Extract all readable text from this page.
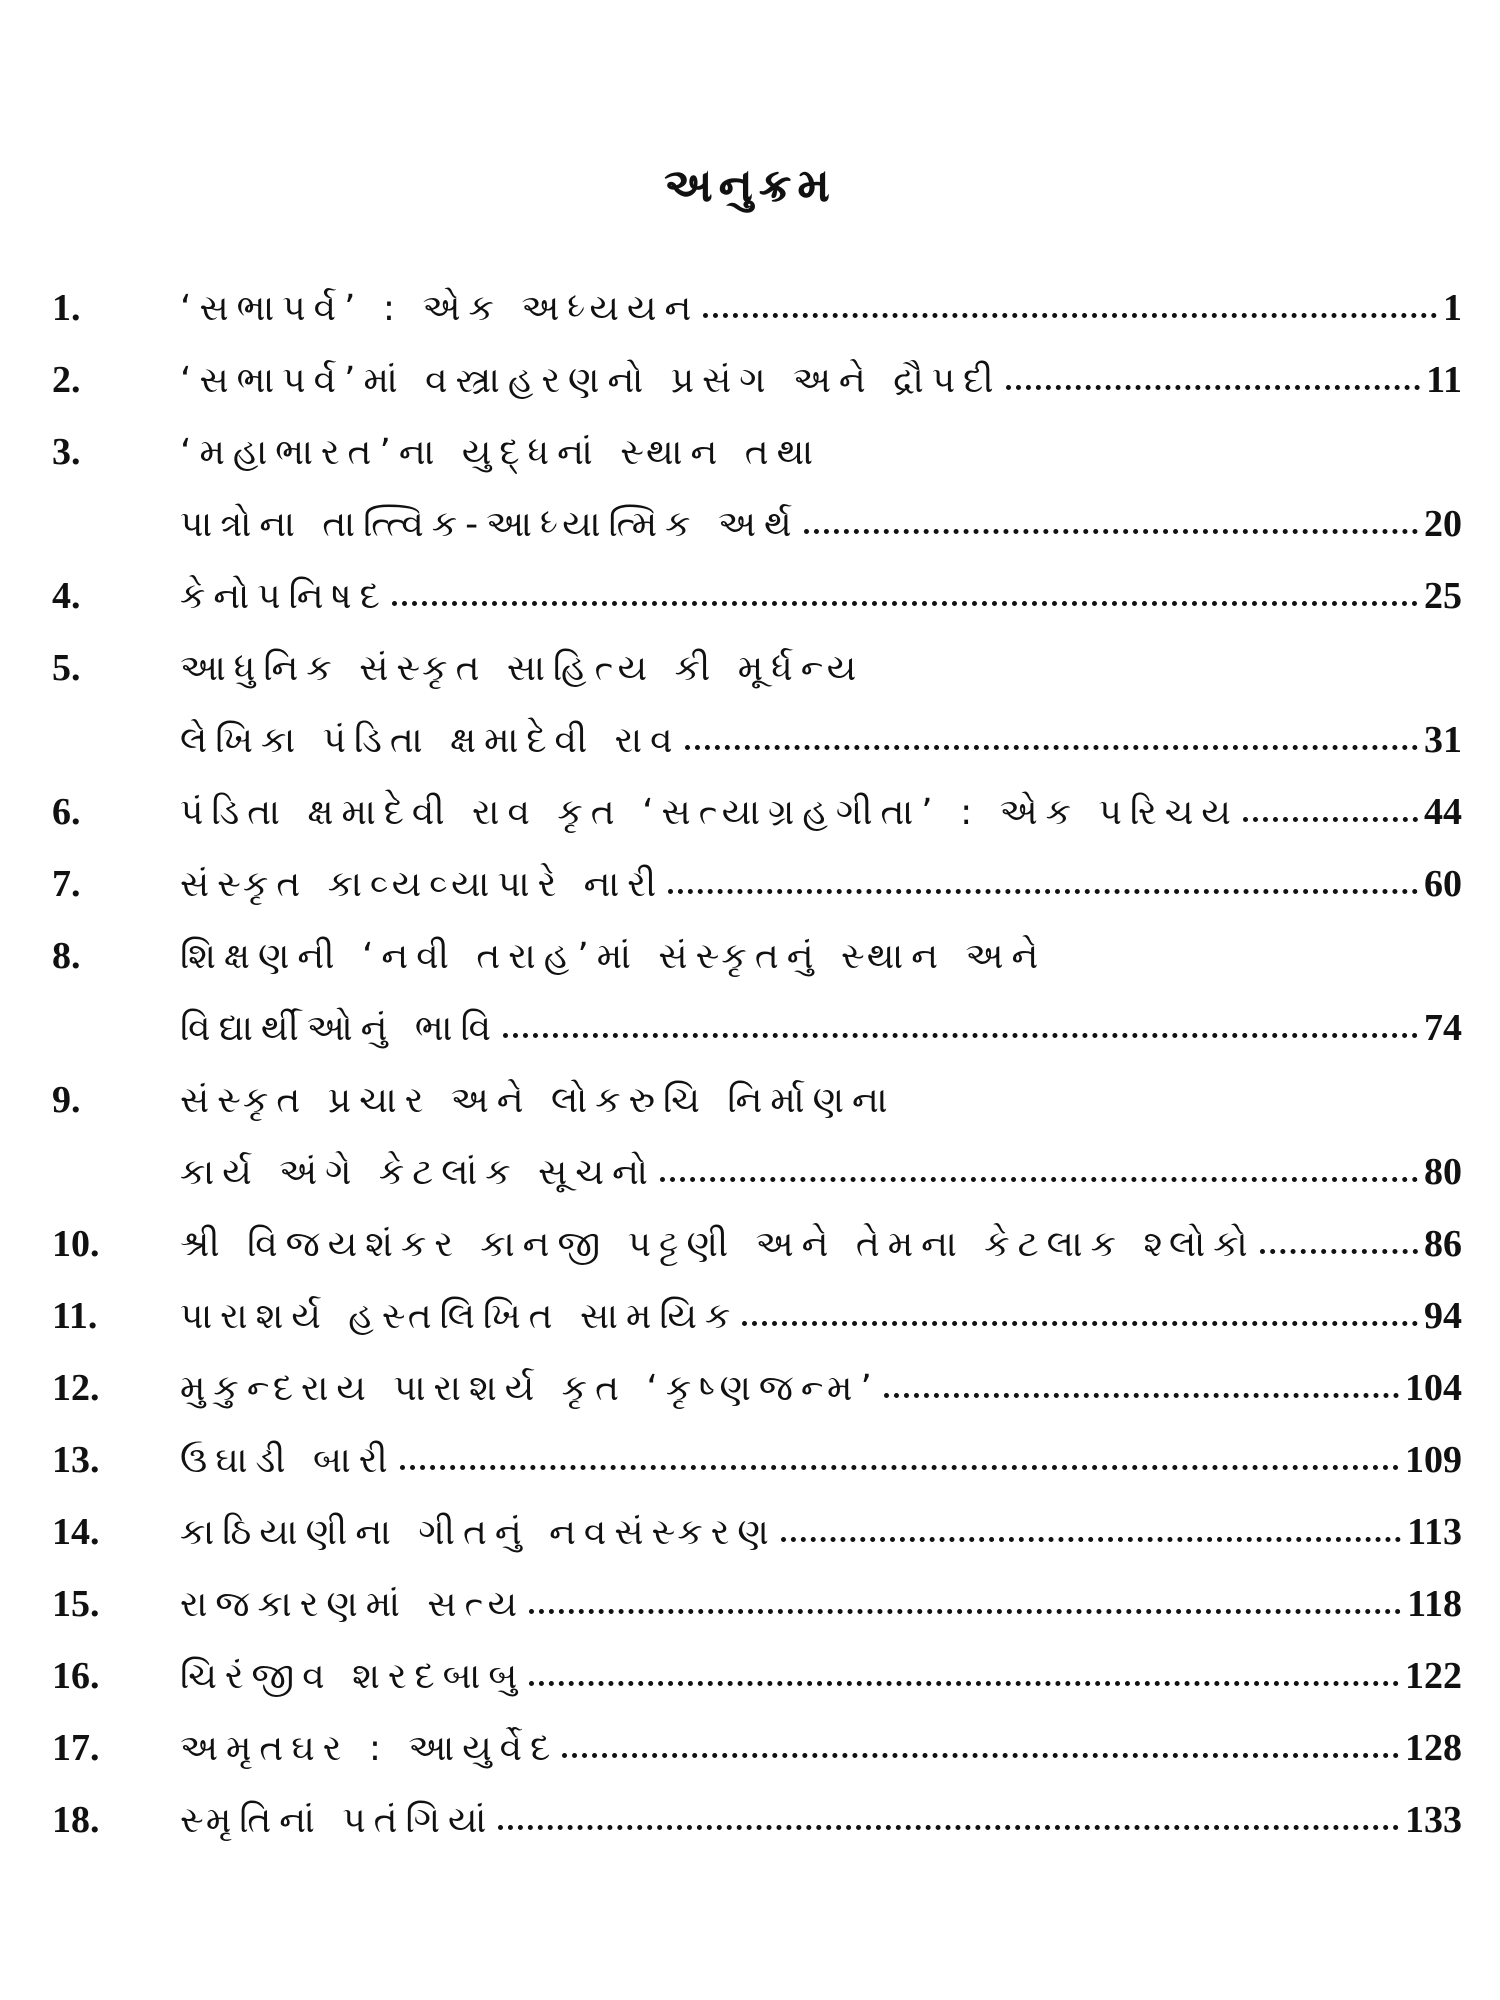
અનુક્રમ
1.	‘સભાપર્વ’ : એક અધ્યયન	1
2.	‘સભાપર્વ’માં વસ્ત્રાહરણનો પ્રસંગ અને દ્રૌપદી	11
3.	‘મહાભારત’ના યુદ્ધનાં સ્થાન તથા
પાત્રોના તાત્ત્વિક-આધ્યાત્મિક અર્થ	20
4.	કેનોપનિષદ	25
5.	આધુનિક સંસ્કૃત સાહિત્ય કી મૂર્ધન્ય
લેખિકા પંડિતા ક્ષમાદેવી રાવ	31
6.	પંડિતા ક્ષમાદેવી રાવ કૃત ‘સત્યાગ્રહગીતા’ : એક પરિચય	44
7.	સંસ્કૃત કાવ્યવ્યાપારે નારી	60
8.	શિક્ષણની ‘નવી તરાહ’માં સંસ્કૃતનું સ્થાન અને
વિદ્યાર્થીઓનું ભાવિ	74
9.	સંસ્કૃત પ્રચાર અને લોકરુચિ નિર્માણના
કાર્ય અંગે કેટલાંક સૂચનો	80
10.	શ્રી વિજયશંકર કાનજી પટ્ટણી અને તેમના કેટલાક શ્લોકો	86
11.	પારાશર્ય હસ્તલિખિત સામયિક	94
12.	મુકુન્દરાય પારાશર્ય કૃત ‘કૃષ્ણજન્મ’	104
13.	ઉઘાડી બારી	109
14.	કાઠિયાણીના ગીતનું નવસંસ્કરણ	113
15.	રાજકારણમાં સત્ય	118
16.	ચિરંજીવ શરદબાબુ	122
17.	અમૃતઘર : આયુર્વેદ	128
18.	સ્મૃતિનાં પતંગિયાં	133
